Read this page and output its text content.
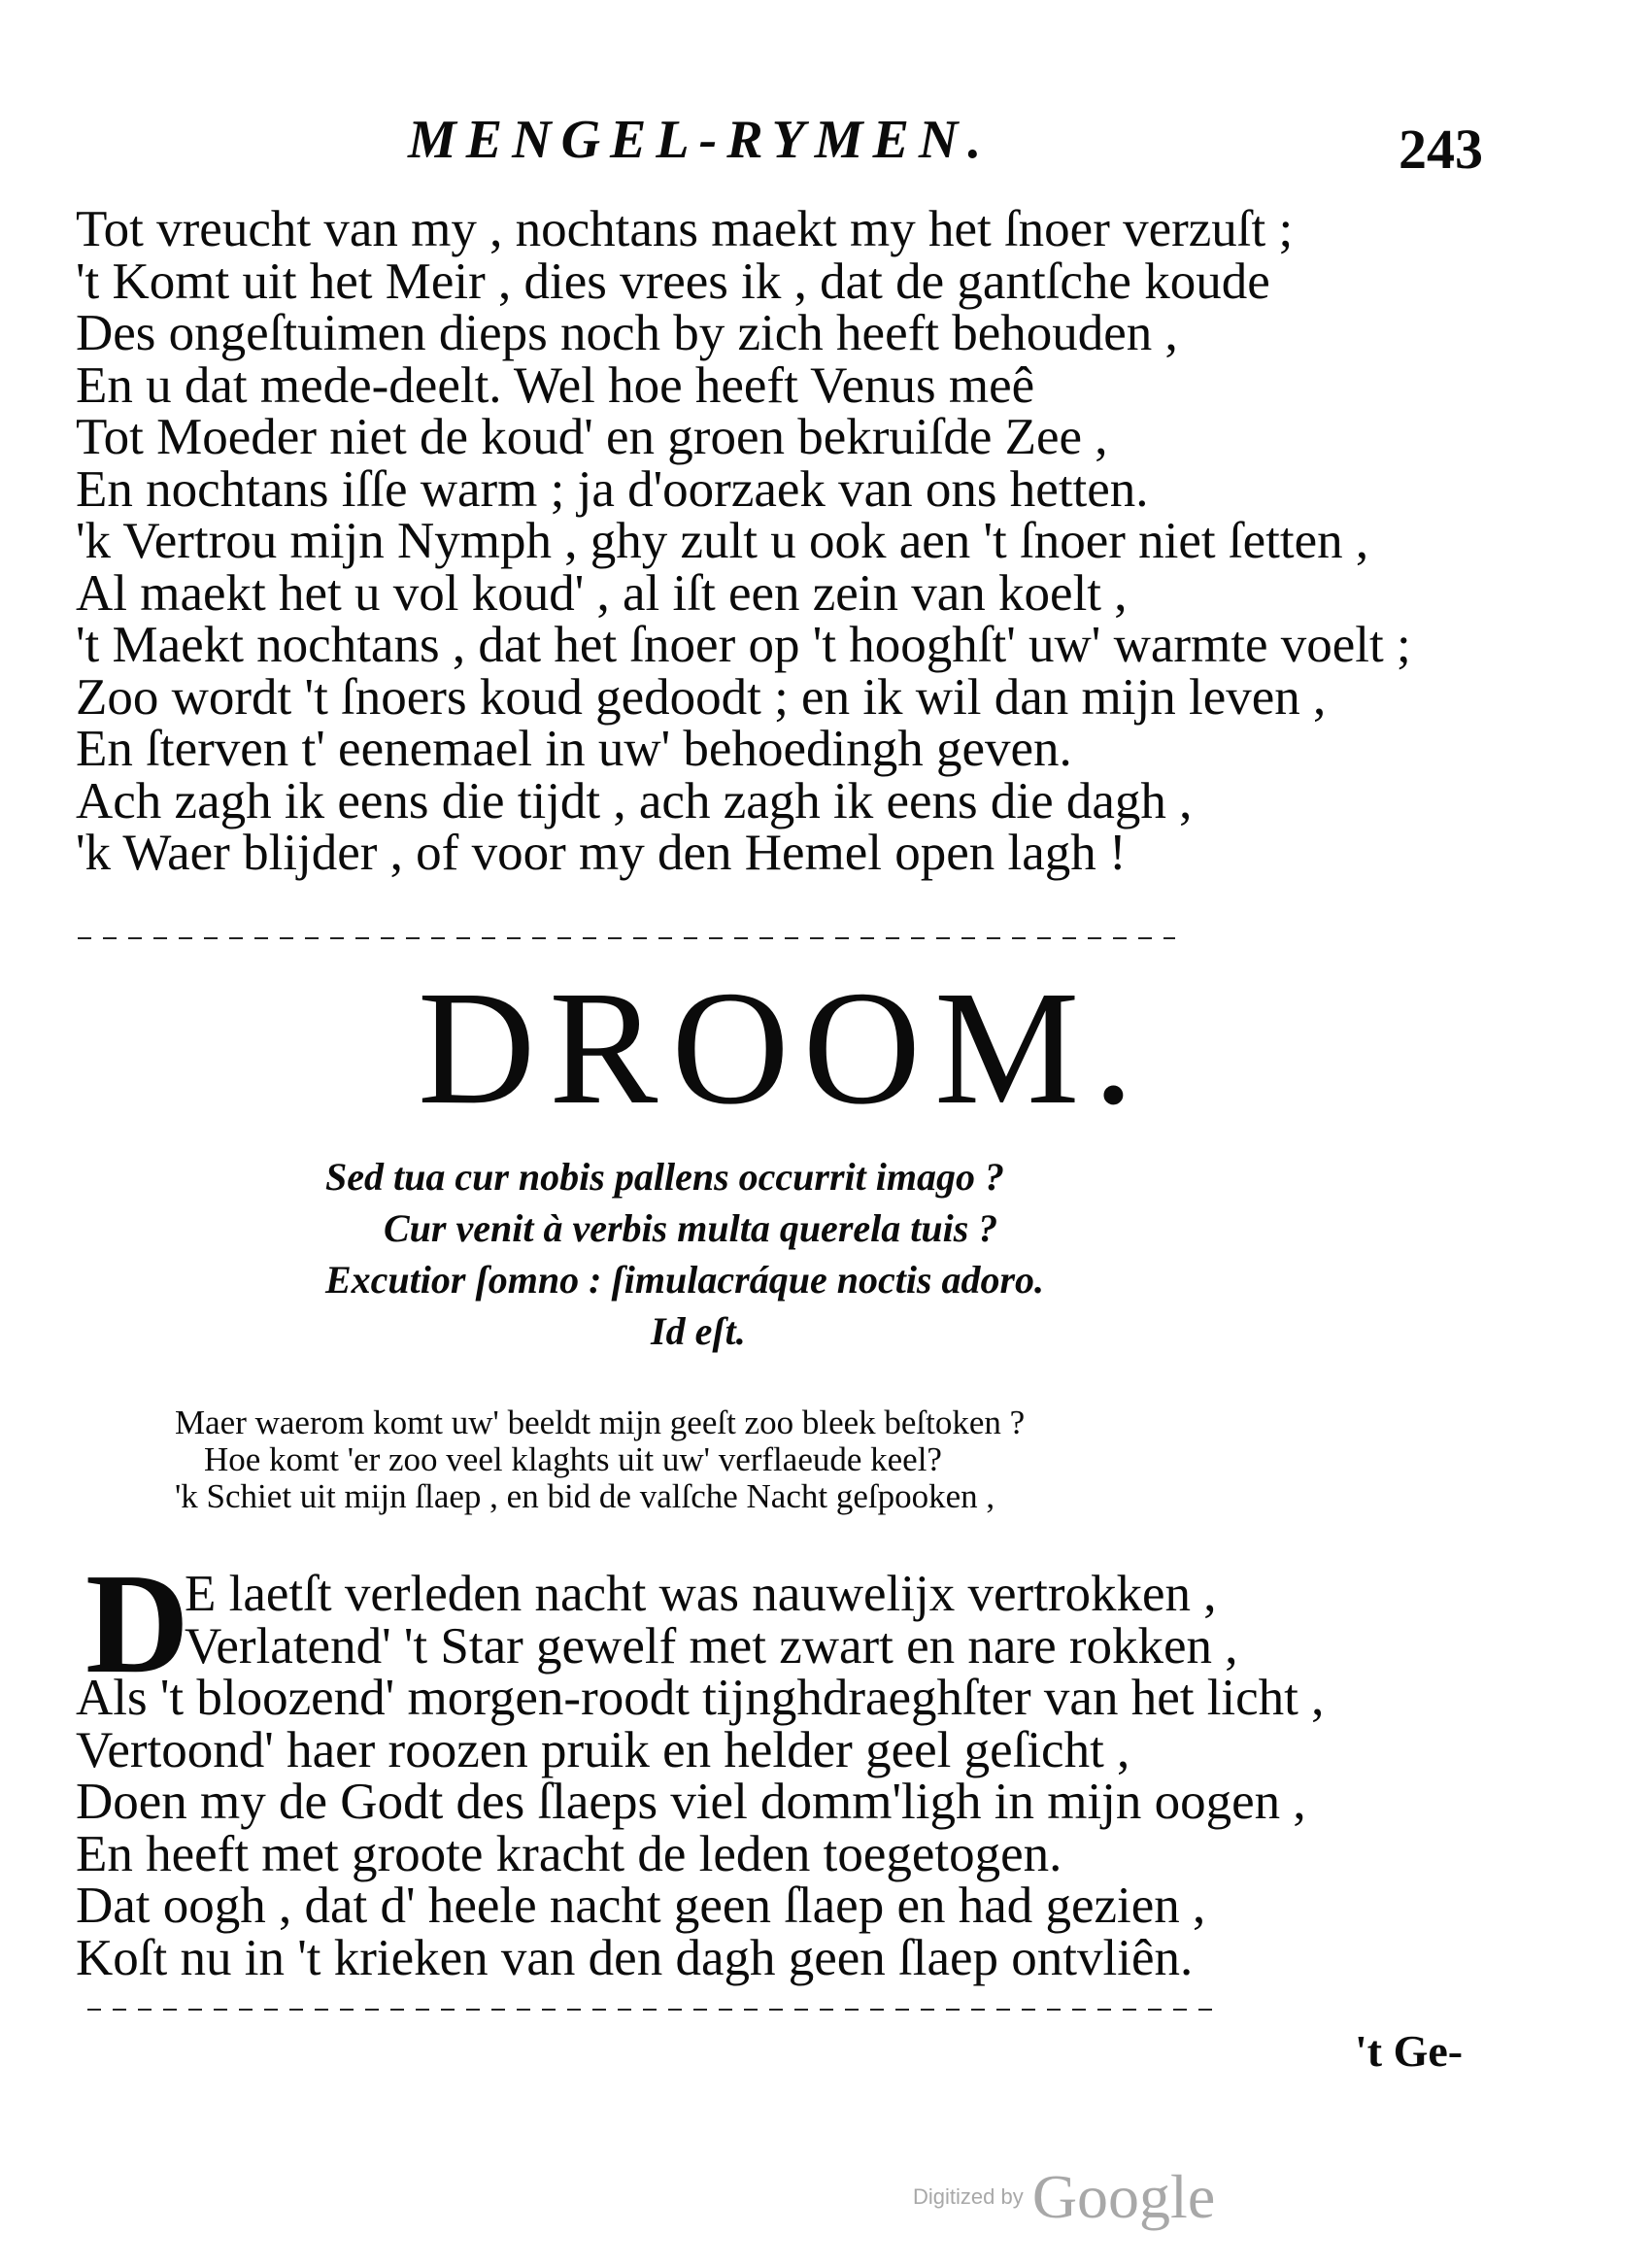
MENGEL-RYMEN.	243
Tot vreucht van my , nochtans maekt my het ſnoer verzuſt ;
't Komt uit het Meir , dies vrees ik , dat de gantſche koude
Des ongeſtuimen dieps noch by zich heeft behouden ,
En u dat mede-deelt. Wel hoe heeft Venus meê
Tot Moeder niet de koud' en groen bekruiſde Zee ,
En nochtans iſſe warm ; ja d'oorzaek van ons hetten.
'k Vertrou mijn Nymph , ghy zult u ook aen 't ſnoer niet ſetten ,
Al maekt het u vol koud' , al iſt een zein van koelt ,
't Maekt nochtans , dat het ſnoer op 't hooghſt' uw' warmte voelt ;
Zoo wordt 't ſnoers koud gedoodt ; en ik wil dan mijn leven ,
En ſterven t' eenemael in uw' behoedingh geven.
Ach zagh ik eens die tijdt , ach zagh ik eens die dagh ,
'k Waer blijder , of voor my den Hemel open lagh !
DROOM.
Sed tua cur nobis pallens occurrit imago ?
Cur venit à verbis multa querela tuis ?
Excutior ſomno : ſimulacráque noctis adoro.
Id eſt.
Maer waerom komt uw' beeldt mijn geeſt zoo bleek beſtoken ?
Hoe komt 'er zoo veel klaghts uit uw' verflaeude keel?
'k Schiet uit mijn ſlaep , en bid de valſche Nacht geſpooken ,
D
E laetſt verleden nacht was nauwelijx vertrokken ,
Verlatend' 't Star gewelf met zwart en nare rokken ,
Als 't bloozend' morgen-roodt tijnghdraeghſter van het licht ,
Vertoond' haer roozen pruik en helder geel geſicht ,
Doen my de Godt des ſlaeps viel domm'ligh in mijn oogen ,
En heeft met groote kracht de leden toegetogen.
Dat oogh , dat d' heele nacht geen ſlaep en had gezien ,
Koſt nu in 't krieken van den dagh geen ſlaep ontvliên.
't Ge-
Digitized by Google
